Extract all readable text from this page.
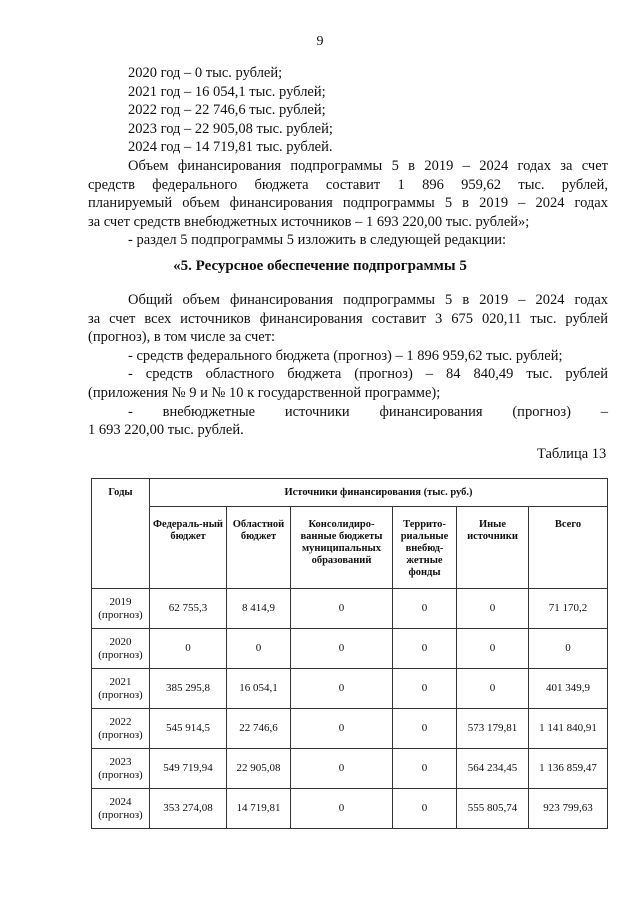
9
2020 год – 0 тыс. рублей;
2021 год – 16 054,1 тыс. рублей;
2022 год – 22 746,6 тыс. рублей;
2023 год – 22 905,08 тыс. рублей;
2024 год – 14 719,81 тыс. рублей.
Объем финансирования подпрограммы 5 в 2019 – 2024 годах за счет
средств федерального бюджета составит 1 896 959,62 тыс. рублей,
планируемый объем финансирования подпрограммы 5 в 2019 – 2024 годах
за счет средств внебюджетных источников – 1 693 220,00 тыс. рублей»;
- раздел 5 подпрограммы 5 изложить в следующей редакции:
«5. Ресурсное обеспечение подпрограммы 5
Общий объем финансирования подпрограммы 5 в 2019 – 2024 годах
за счет всех источников финансирования составит 3 675 020,11 тыс. рублей
(прогноз), в том числе за счет:
- средств федерального бюджета (прогноз) – 1 896 959,62 тыс. рублей;
- средств областного бюджета (прогноз) – 84 840,49 тыс. рублей
(приложения № 9 и № 10 к государственной программе);
- внебюджетные источники финансирования (прогноз) –
1 693 220,00 тыс. рублей.
Таблица 13
Годы	Источники финансирования (тыс. руб.)					
	Федераль-ный бюджет	Областной бюджет	Консолидиро-ванные бюджеты муниципальных образований	Террито-риальные внебюд-жетные фонды	Иные источники	Всего

2019
(прогноз)	62 755,3	8 414,9	0	0	0	71 170,2

2020
(прогноз)	0	0	0	0	0	0

2021
(прогноз)	385 295,8	16 054,1	0	0	0	401 349,9

2022
(прогноз)	545 914,5	22 746,6	0	0	573 179,81	1 141 840,91

2023
(прогноз)	549 719,94	22 905,08	0	0	564 234,45	1 136 859,47

2024
(прогноз)	353 274,08	14 719,81	0	0	555 805,74	923 799,63
